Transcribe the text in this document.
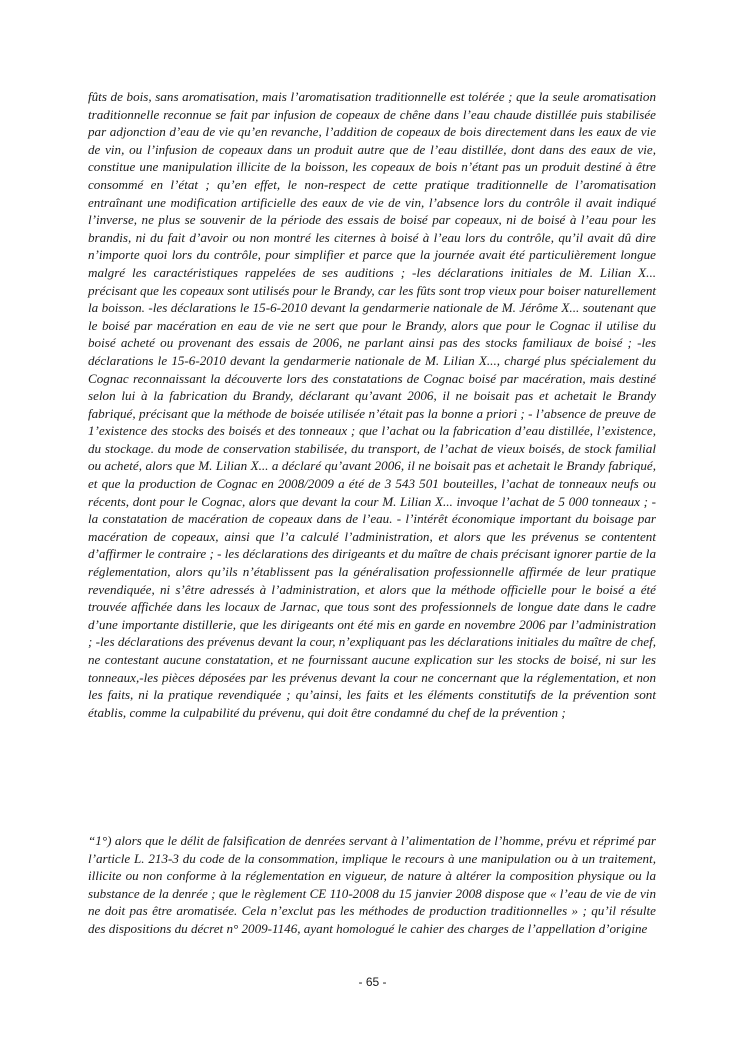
fûts de bois, sans aromatisation, mais l’aromatisation traditionnelle est tolérée ; que la seule aromatisation traditionnelle reconnue se fait par infusion de copeaux de chêne dans l’eau chaude distillée puis stabilisée par adjonction d’eau de vie qu’en revanche, l’addition de copeaux de bois directement dans les eaux de vie de vin, ou l’infusion de copeaux dans un produit autre que de l’eau distillée, dont dans des eaux de vie, constitue une manipulation illicite de la boisson, les copeaux de bois n’étant pas un produit destiné à être consommé en l’état ; qu’en effet, le non-respect de cette pratique traditionnelle de l’aromatisation entraînant une modification artificielle des eaux de vie de vin, l’absence lors du contrôle il avait indiqué l’inverse, ne plus se souvenir de la période des essais de boisé par copeaux, ni de boisé à l’eau pour les brandis, ni du fait d’avoir ou non montré les citernes à boisé à l’eau lors du contrôle, qu’il avait dû dire n’importe quoi lors du contrôle, pour simplifier et parce que la journée avait été particulièrement longue malgré les caractéristiques rappelées de ses auditions ; -les déclarations initiales de M. Lilian X... précisant que les copeaux sont utilisés pour le Brandy, car les fûts sont trop vieux pour boiser naturellement la boisson. -les déclarations le 15-6-2010 devant la gendarmerie nationale de M. Jérôme X... soutenant que le boisé par macération en eau de vie ne sert que pour le Brandy, alors que pour le Cognac il utilise du boisé acheté ou provenant des essais de 2006, ne parlant ainsi pas des stocks familiaux de boisé ; -les déclarations le 15-6-2010 devant la gendarmerie nationale de M. Lilian X..., chargé plus spécialement du Cognac reconnaissant la découverte lors des constatations de Cognac boisé par macération, mais destiné selon lui à la fabrication du Brandy, déclarant qu’avant 2006, il ne boisait pas et achetait le Brandy fabriqué, précisant que la méthode de boisée utilisée n’était pas la bonne a priori ; - l’absence de preuve de 1’existence des stocks des boisés et des tonneaux ; que l’achat ou la fabrication d’eau distillée, l’existence, du stockage. du mode de conservation stabilisée, du transport, de l’achat de vieux boisés, de stock familial ou acheté, alors que M. Lilian X... a déclaré qu’avant 2006, il ne boisait pas et achetait le Brandy fabriqué, et que la production de Cognac en 2008/2009 a été de 3 543 501 bouteilles, l’achat de tonneaux neufs ou récents, dont pour le Cognac, alors que devant la cour M. Lilian X... invoque l’achat de 5 000 tonneaux ; -la constatation de macération de copeaux dans de l’eau. - l’intérêt économique important du boisage par macération de copeaux, ainsi que l’a calculé l’administration, et alors que les prévenus se contentent d’affirmer le contraire ; - les déclarations des dirigeants et du maître de chais précisant ignorer partie de la réglementation, alors qu’ils n’établissent pas la généralisation professionnelle affirmée de leur pratique revendiquée, ni s’être adressés à l’administration, et alors que la méthode officielle pour le boisé a été trouvée affichée dans les locaux de Jarnac, que tous sont des professionnels de longue date dans le cadre d’une importante distillerie, que les dirigeants ont été mis en garde en novembre 2006 par l’administration ; -les déclarations des prévenus devant la cour, n’expliquant pas les déclarations initiales du maître de chef, ne contestant aucune constatation, et ne fournissant aucune explication sur les stocks de boisé, ni sur les tonneaux,-les pièces déposées par les prévenus devant la cour ne concernant que la réglementation, et non les faits, ni la pratique revendiquée ; qu’ainsi, les faits et les éléments constitutifs de la prévention sont établis, comme la culpabilité du prévenu, qui doit être condamné du chef de la prévention ;

“1°) alors que le délit de falsification de denrées servant à l’alimentation de l’homme, prévu et réprimé par l’article L. 213-3 du code de la consommation, implique le recours à une manipulation ou à un traitement, illicite ou non conforme à la réglementation en vigueur, de nature à altérer la composition physique ou la substance de la denrée ; que le règlement CE 110-2008 du 15 janvier 2008 dispose que « l’eau de vie de vin ne doit pas être aromatisée. Cela n’exclut pas les méthodes de production traditionnelles » ; qu’il résulte des dispositions du décret n° 2009-1146, ayant homologué le cahier des charges de l’appellation d’origine

- 65 -
